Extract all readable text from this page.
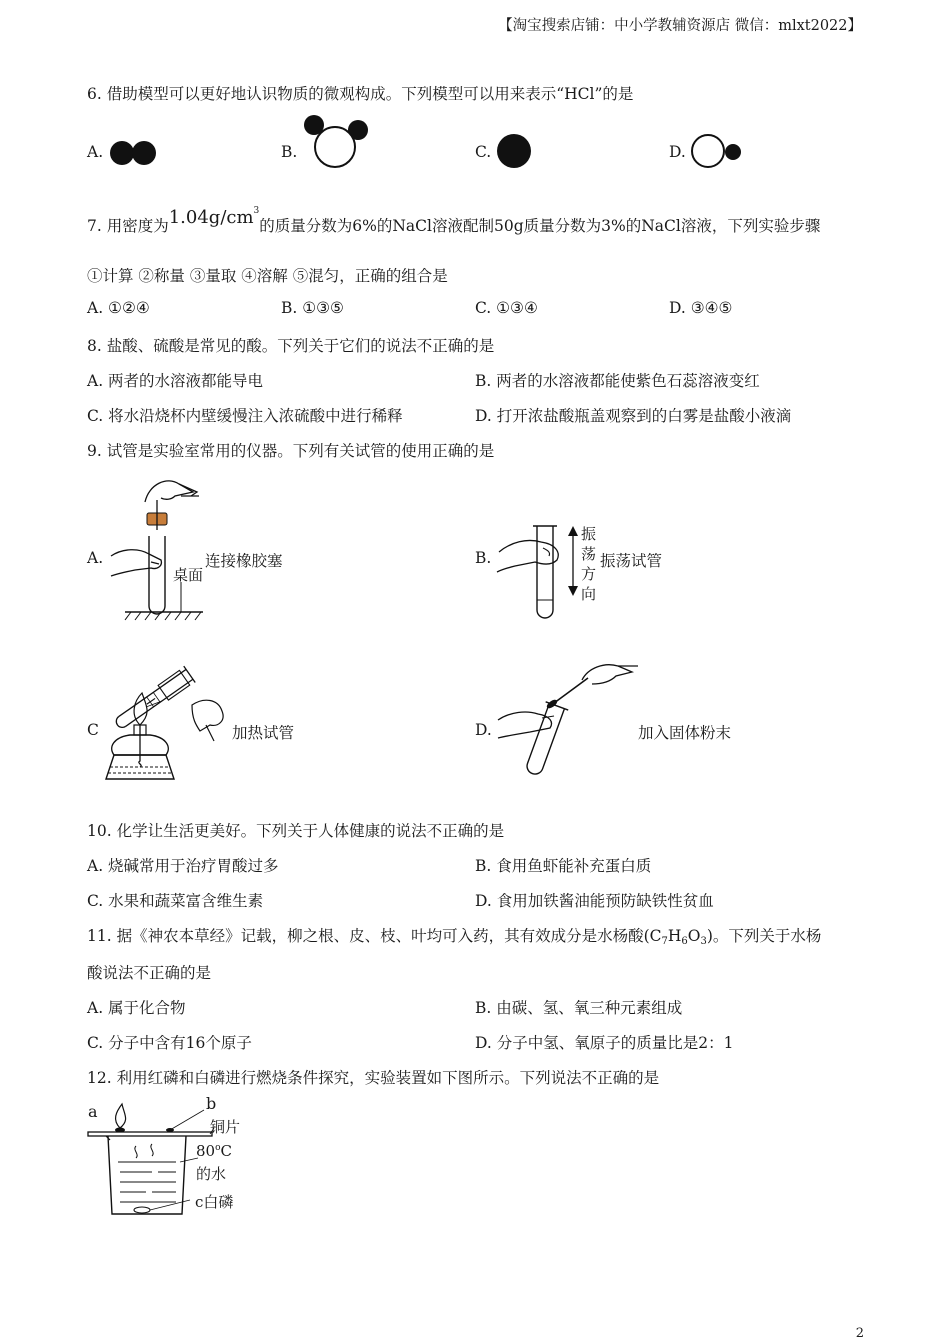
【淘宝搜索店铺：中小学教辅资源店 微信：mlxt2022】
6. 借助模型可以更好地认识物质的微观构成。下列模型可以用来表示“HCl”的是
A.	B.	C.	D.
7. 用密度为$1.04g/cm^3$的质量分数为6%的NaCl溶液配制50g质量分数为3%的NaCl溶液，下列实验步骤
①计算 ②称量 ③量取 ④溶解 ⑤混匀，正确的组合是
A. ①②④	B. ①③⑤	C. ①③④	D. ③④⑤
8. 盐酸、硫酸是常见的酸。下列关于它们的说法不正确的是
A. 两者的水溶液都能导电	B. 两者的水溶液都能使紫色石蕊溶液变红
C. 将水沿烧杯内壁缓慢注入浓硫酸中进行稀释	D. 打开浓盐酸瓶盖观察到的白雾是盐酸小液滴
9. 试管是实验室常用的仪器。下列有关试管的使用正确的是
A.
桌面
连接橡胶塞	B.
振
荡
方
向
振荡试管
C	加热试管	D.	加入固体粉末
10. 化学让生活更美好。下列关于人体健康的说法不正确的是
A. 烧碱常用于治疗胃酸过多	B. 食用鱼虾能补充蛋白质
C. 水果和蔬菜富含维生素	D. 食用加铁酱油能预防缺铁性贫血
11. 据《神农本草经》记载，柳之根、皮、枝、叶均可入药，其有效成分是水杨酸$(C_7H_6O_3)$。下列关于水杨
酸说法不正确的是
A. 属于化合物	B. 由碳、氢、氧三种元素组成
C. 分子中含有16个原子	D. 分子中氢、氧原子的质量比是2：1
12. 利用红磷和白磷进行燃烧条件探究，实验装置如下图所示。下列说法不正确的是
a	b
铜片
80$^o$C
的水
c白磷
2
